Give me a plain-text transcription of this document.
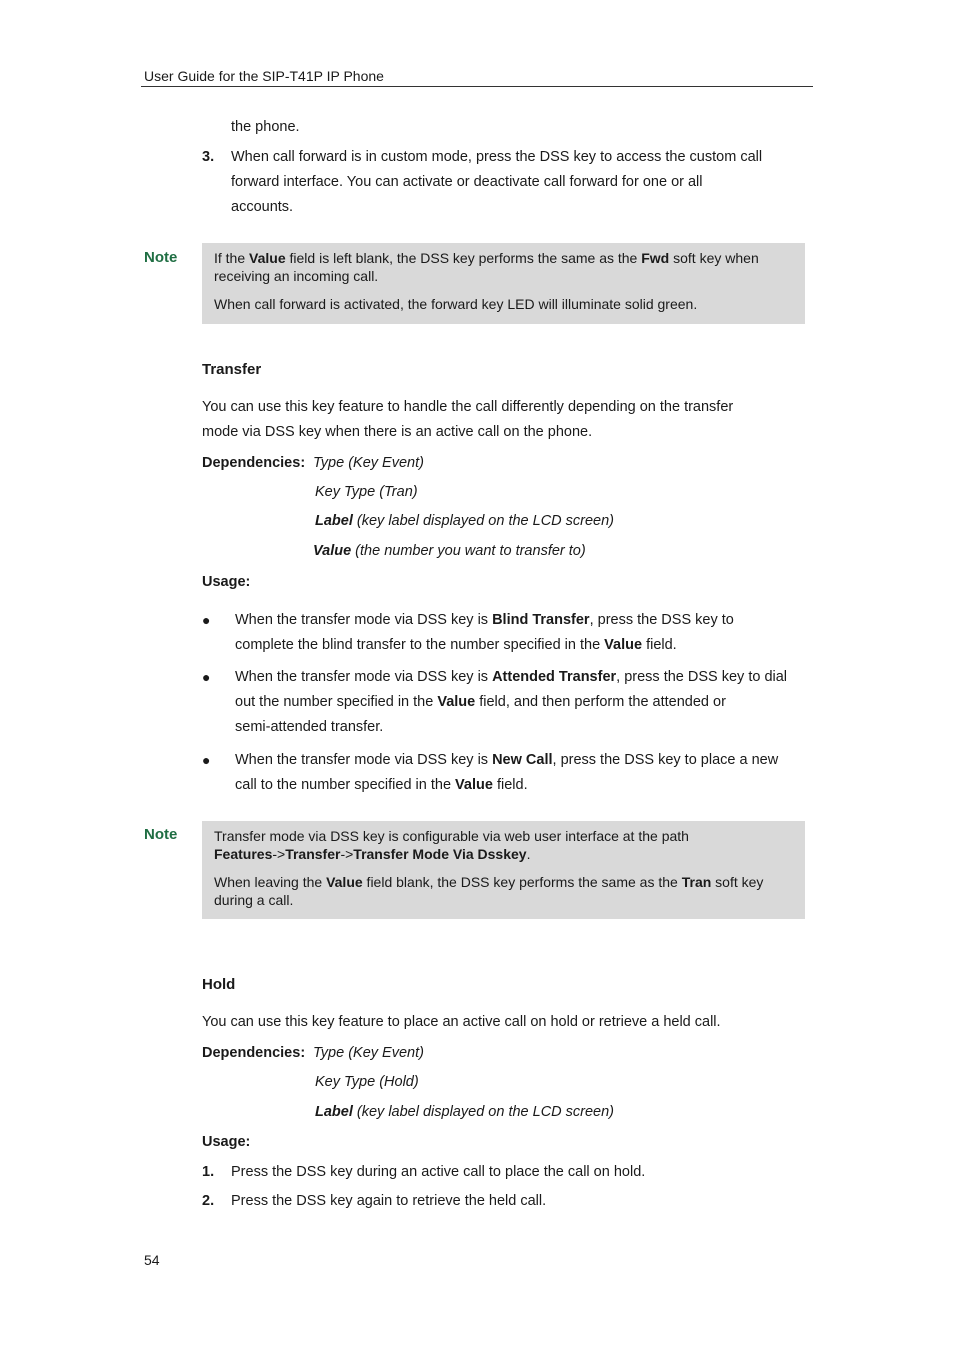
User Guide for the SIP-T41P IP Phone
the phone.
3. When call forward is in custom mode, press the DSS key to access the custom call
forward interface. You can activate or deactivate call forward for one or all
accounts.
Note	If the Value field is left blank, the DSS key performs the same as the Fwd soft key when receiving an incoming call.

When call forward is activated, the forward key LED will illuminate solid green.

Transfer
You can use this key feature to handle the call differently depending on the transfer
mode via DSS key when there is an active call on the phone.
Dependencies: Type (Key Event)
Key Type (Tran)
Label (key label displayed on the LCD screen)
Value (the number you want to transfer to)
Usage:
● When the transfer mode via DSS key is Blind Transfer, press the DSS key to
complete the blind transfer to the number specified in the Value field.
● When the transfer mode via DSS key is Attended Transfer, press the DSS key to dial
out the number specified in the Value field, and then perform the attended or
semi-attended transfer.
● When the transfer mode via DSS key is New Call, press the DSS key to place a new
call to the number specified in the Value field.
Note	Transfer mode via DSS key is configurable via web user interface at the path
Features->Transfer->Transfer Mode Via Dsskey.

When leaving the Value field blank, the DSS key performs the same as the Tran soft key during a call.

Hold
You can use this key feature to place an active call on hold or retrieve a held call.
Dependencies: Type (Key Event)
Key Type (Hold)
Label (key label displayed on the LCD screen)
Usage:
1. Press the DSS key during an active call to place the call on hold.
2. Press the DSS key again to retrieve the held call.
54
